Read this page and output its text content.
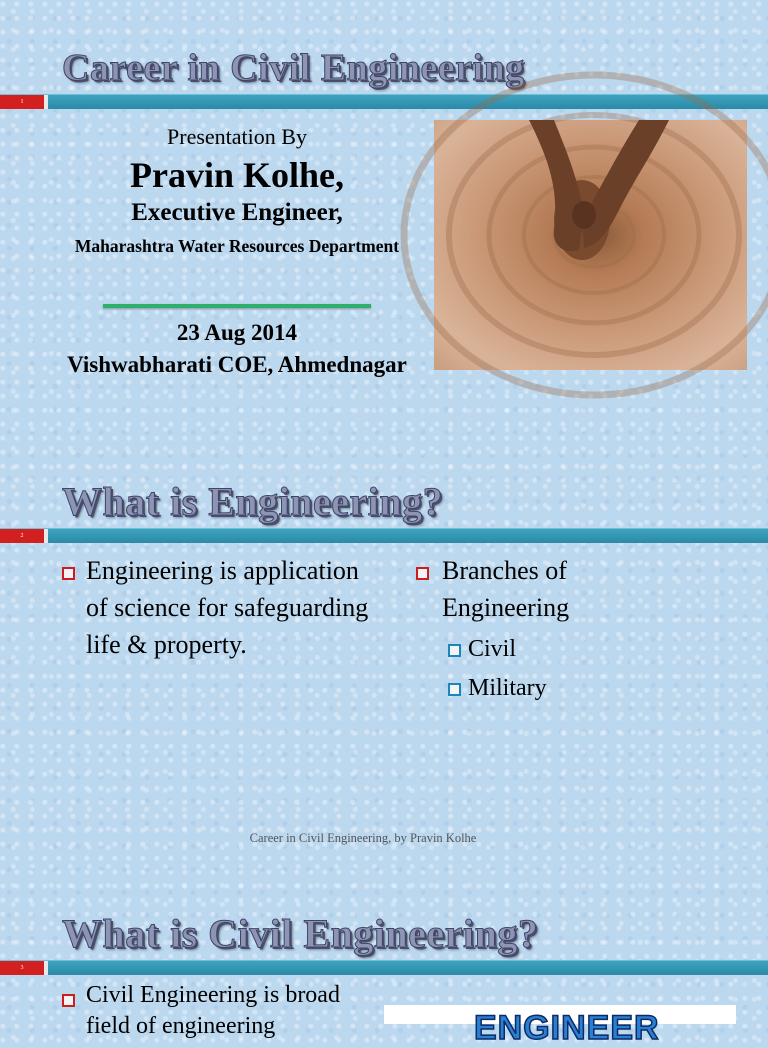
Career in Civil Engineering
1
Presentation By
Pravin Kolhe,
Executive Engineer,
Maharashtra Water Resources Department
23 Aug 2014
Vishwabharati COE, Ahmednagar
What is Engineering?
2
Engineering is application of science for safeguarding life & property.
Branches of Engineering
Civil
Military
Career in Civil Engineering, by Pravin Kolhe
What is Civil Engineering?
3
Civil Engineering is broad field of engineering	ENGINEER
